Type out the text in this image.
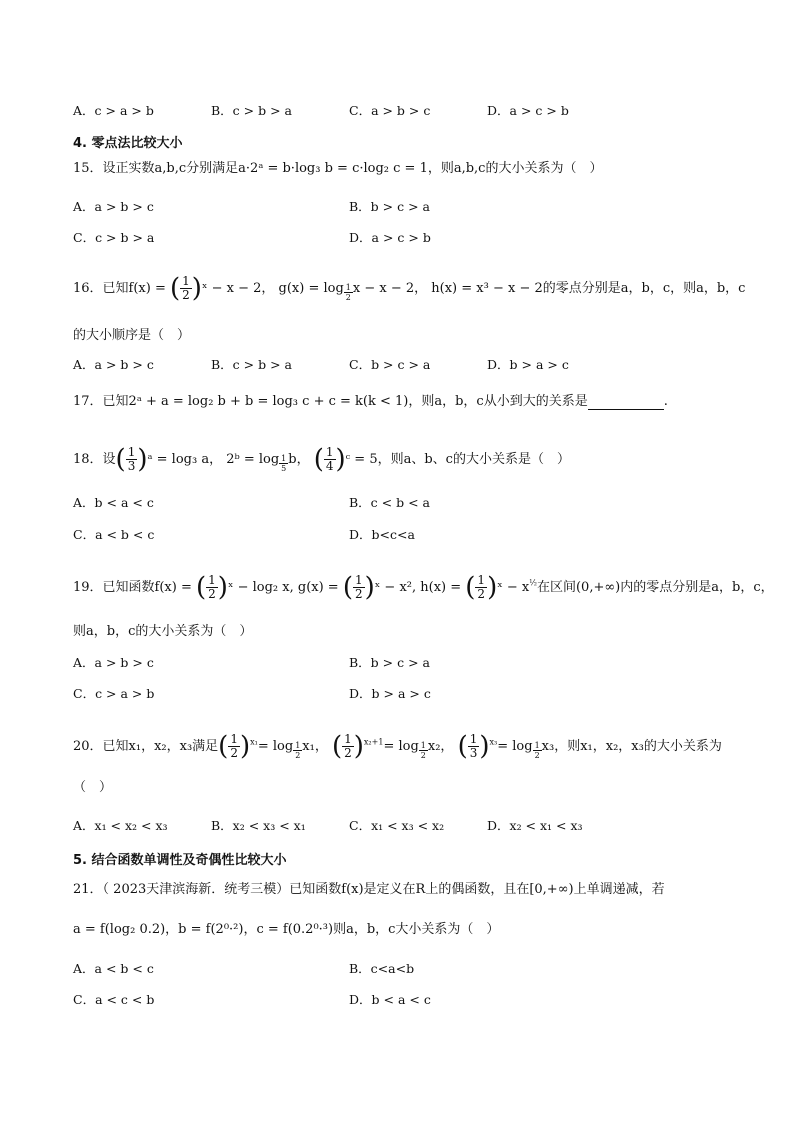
A．c > a > b	B．c > b > a	C．a > b > c	D．a > c > b
4. 零点法比较大小
15．设正实数a,b,c分别满足a·2ᵃ = b·log₃ b = c·log₂ c = 1，则a,b,c的大小关系为（　）
A．a > b > c	B．b > c > a
C．c > b > a	D．a > c > b
16．已知f(x) = ( $\frac{1}{2}$ )ˣ − x − 2， $g(x) = \log \frac{1}{2}$ x − x − 2， h(x) = x³ − x − 2的零点分别是a，b，c，则a，b，c
的大小顺序是（　）
A．a > b > c	B．c > b > a	C．b > c > a	D．b > a > c
17．已知2ᵃ + a = log₂ b + b = log₃ c + c = k(k < 1)，则a，b，c从小到大的关系是	.
18．设( $\frac{1}{3}$ )ᵃ = log₃ a， 2ᵇ = $\log \frac{1}{5}$ b， ( $\frac{1}{4}$ )ᶜ = 5，则a、b、c的大小关系是（　）
A．b < a < c	B．c < b < a
C．a < b < c	D．b<c<a
19．已知函数f(x) = ( $\frac{1}{2}$ )ˣ − log₂ x, g(x) = ( $\frac{1}{2}$ )ˣ − x², h(x) = ( $\frac{1}{2}$ )ˣ − $x^{\frac{1}{2}}$在区间(0,+∞)内的零点分别是a，b，c，
则a，b，c的大小关系为（　）
A．a > b > c	B．b > c > a
C．c > a > b	D．b > a > c
20．已知x₁，x₂，x₃满足( $\frac{1}{2} )^{x_1}= \log \frac{1}{2} x_1$， ( $\frac{1}{2} )^{x_2+1}= \log \frac{1}{2} x_2$， ( $\frac{1}{3} )^{x_3}= \log \frac{1}{2} x_3$，则x₁，x₂，x₃的大小关系为
（　）
A．x₁ < x₂ < x₃	B．x₂ < x₃ < x₁	C．x₁ < x₃ < x₂	D．x₂ < x₁ < x₃
5. 结合函数单调性及奇偶性比较大小
21．（ 2023天津滨海新．统考三模）已知函数f(x)是定义在R上的偶函数，且在[0,+∞)上单调递减，若
a = f(log₂ 0.2)，b = f(2⁰·²)，c = f(0.2⁰·³)则a，b，c大小关系为（　）
A．a < b < c	B．c<a<b
C．a < c < b	D．b < a < c
